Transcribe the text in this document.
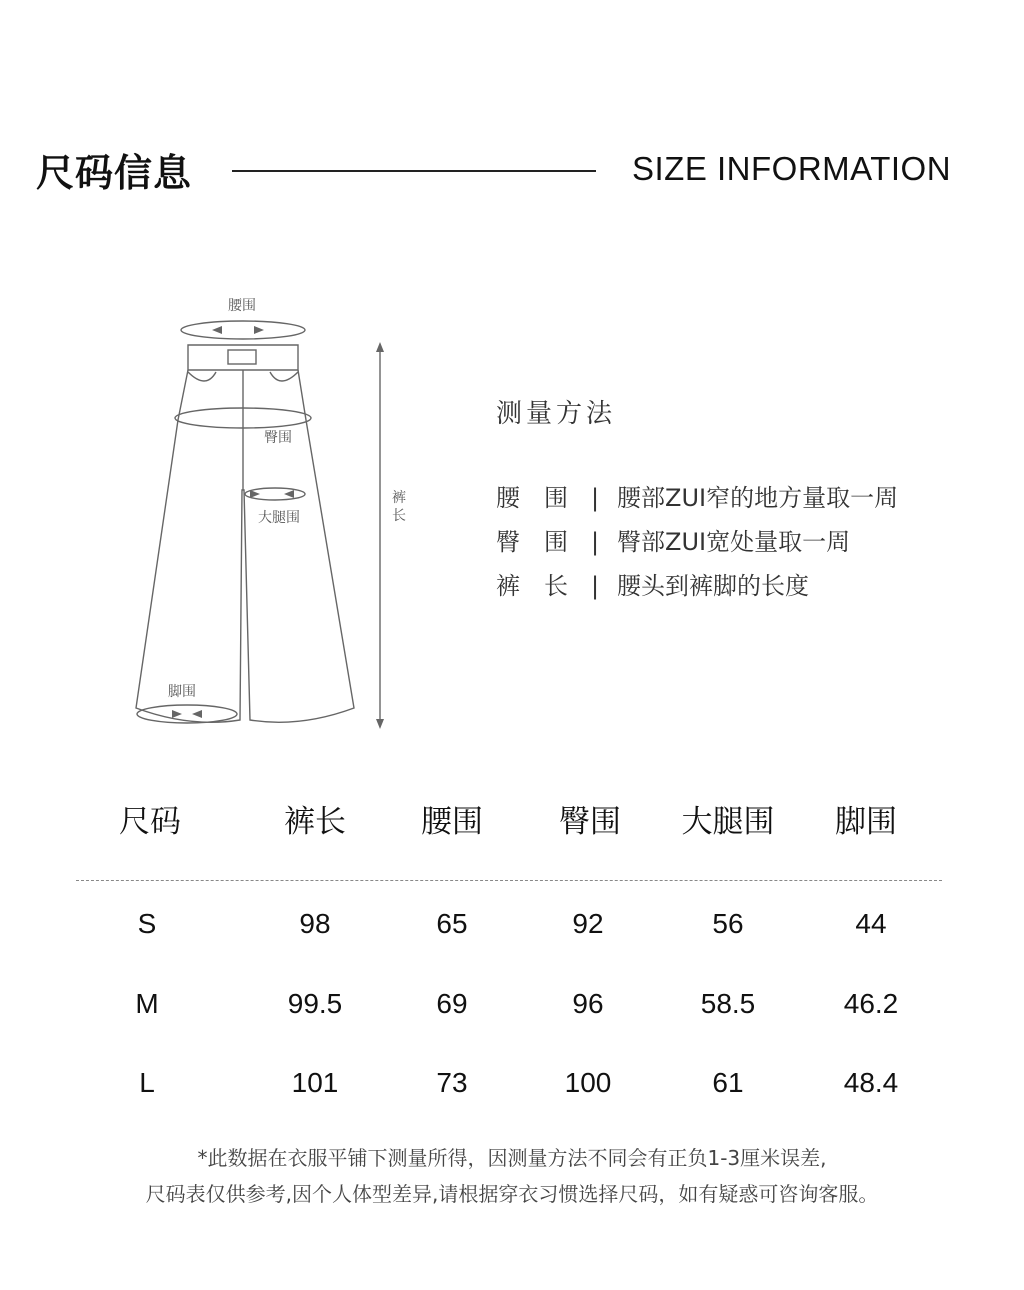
尺码信息	SIZE INFORMATION
腰围
臀围
大腿围
脚围
裤
长
测量方法
腰　围 | 腰部ZUI窄的地方量取一周
臀　围 | 臀部ZUI宽处量取一周
裤　长 | 腰头到裤脚的长度
尺码	裤长 腰围 臀围 大腿围 脚围
S	98	65	92	56	44
M	99.5	69	96	58.5	46.2
L	101	73	100	61	48.4
*此数据在衣服平铺下测量所得，因测量方法不同会有正负1-3厘米误差,
尺码表仅供参考,因个人体型差异,请根据穿衣习惯选择尺码，如有疑惑可咨询客服。
